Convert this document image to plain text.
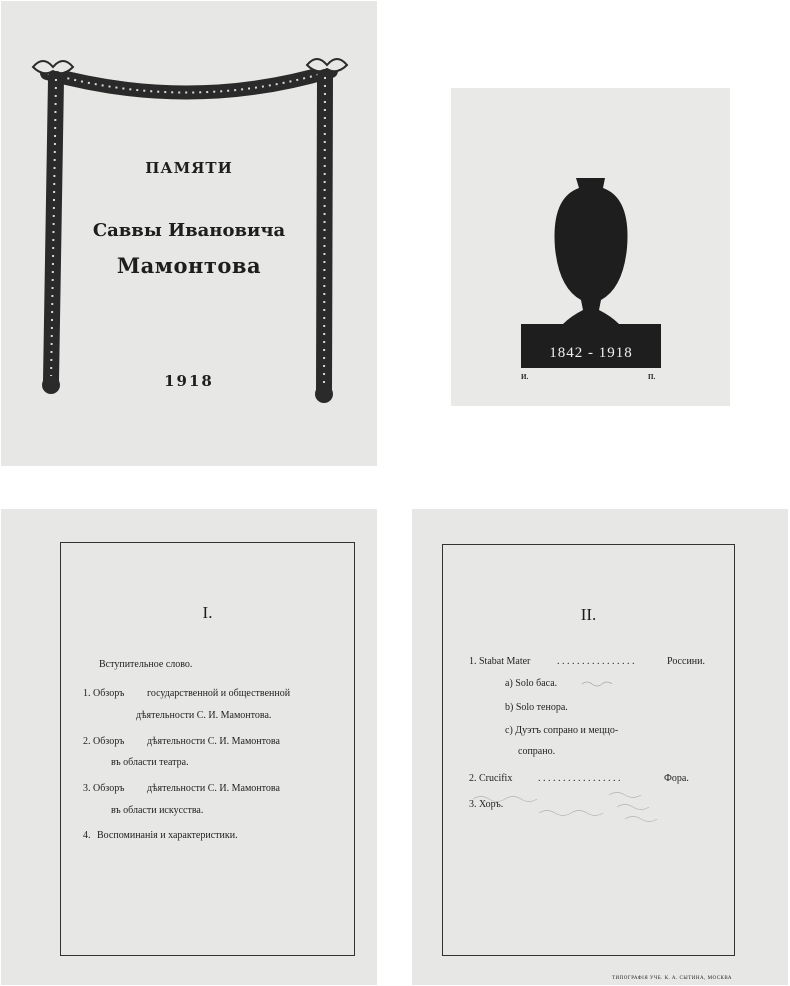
ПАМЯТИ
Саввы Ивановича
Мамонтова
1918
1842 - 1918
И.	П.
I.
Вступительное слово.
1. Обзоръ государственной и общественной
дѣятельности С. И. Мамонтова.
2. Обзоръ дѣятельности С. И. Мамонтова
въ области театра.
3. Обзоръ дѣятельности С. И. Мамонтова
въ области искусства.
4. Воспоминанія и характеристики.
II.
1. Stabat Mater	. . . . . . . . . . . . . . . .	Россини.
a) Solo баса.
b) Solo тенора.
c) Дуэтъ сопрано и меццо-
сопрано.
2. Crucifix	. . . . . . . . . . . . . . . . .	Фора.
3. Хоръ.
ТИПОГРАФІЯ УЧБ. К. А. СЫТИНА, МОСКВА
